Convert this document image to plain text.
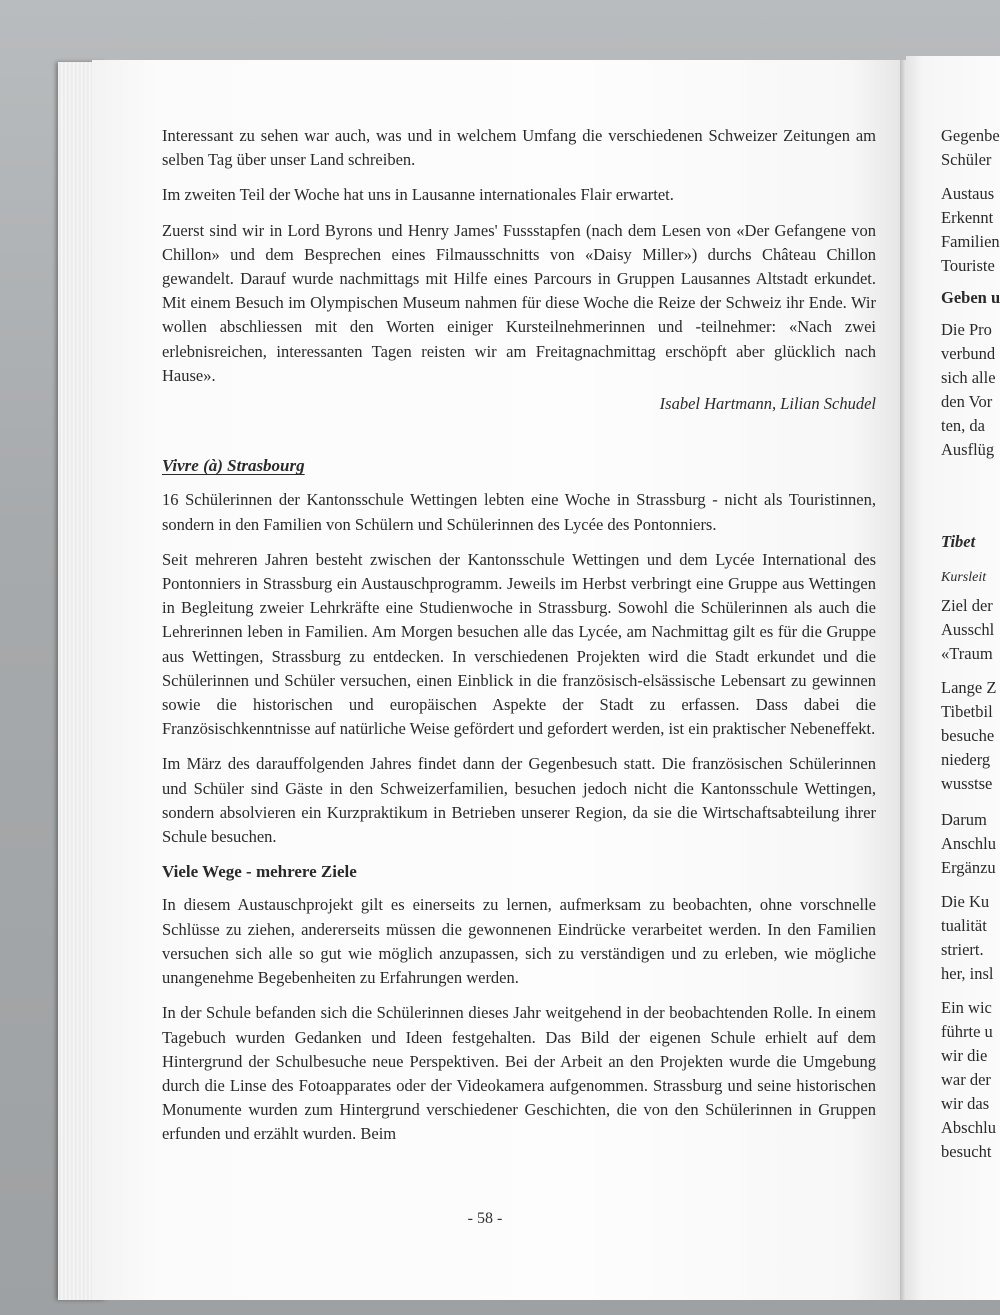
Interessant zu sehen war auch, was und in welchem Umfang die verschiedenen Schweizer Zeitungen am selben Tag über unser Land schreiben.

Im zweiten Teil der Woche hat uns in Lausanne internationales Flair erwartet.

Zuerst sind wir in Lord Byrons und Henry James' Fussstapfen (nach dem Lesen von «Der Gefangene von Chillon» und dem Besprechen eines Filmausschnitts von «Daisy Miller») durchs Château Chillon gewandelt. Darauf wurde nachmittags mit Hilfe eines Parcours in Gruppen Lausannes Altstadt erkundet. Mit einem Besuch im Olympischen Museum nahmen für diese Woche die Reize der Schweiz ihr Ende. Wir wollen abschliessen mit den Worten einiger Kursteilnehmerinnen und -teilnehmer: «Nach zwei erlebnisreichen, interessanten Tagen reisten wir am Freitagnachmittag erschöpft aber glücklich nach Hause».

Isabel Hartmann, Lilian Schudel

Vivre (à) Strasbourg

16 Schülerinnen der Kantonsschule Wettingen lebten eine Woche in Strassburg - nicht als Touristinnen, sondern in den Familien von Schülern und Schülerinnen des Lycée des Pontonniers.

Seit mehreren Jahren besteht zwischen der Kantonsschule Wettingen und dem Lycée International des Pontonniers in Strassburg ein Austauschprogramm. Jeweils im Herbst verbringt eine Gruppe aus Wettingen in Begleitung zweier Lehrkräfte eine Studienwoche in Strassburg. Sowohl die Schülerinnen als auch die Lehrerinnen leben in Familien. Am Morgen besuchen alle das Lycée, am Nachmittag gilt es für die Gruppe aus Wettingen, Strassburg zu entdecken. In verschiedenen Projekten wird die Stadt erkundet und die Schülerinnen und Schüler versuchen, einen Einblick in die französisch-elsässische Lebensart zu gewinnen sowie die historischen und europäischen Aspekte der Stadt zu erfassen. Dass dabei die Französischkenntnisse auf natürliche Weise gefördert und gefordert werden, ist ein praktischer Nebeneffekt.

Im März des darauffolgenden Jahres findet dann der Gegenbesuch statt. Die französischen Schülerinnen und Schüler sind Gäste in den Schweizerfamilien, besuchen jedoch nicht die Kantonsschule Wettingen, sondern absolvieren ein Kurzpraktikum in Betrieben unserer Region, da sie die Wirtschaftsabteilung ihrer Schule besuchen.

Viele Wege - mehrere Ziele

In diesem Austauschprojekt gilt es einerseits zu lernen, aufmerksam zu beobachten, ohne vorschnelle Schlüsse zu ziehen, andererseits müssen die gewonnenen Eindrücke verarbeitet werden. In den Familien versuchen sich alle so gut wie möglich anzupassen, sich zu verständigen und zu erleben, wie mögliche unangenehme Begebenheiten zu Erfahrungen werden.

In der Schule befanden sich die Schülerinnen dieses Jahr weitgehend in der beobachtenden Rolle. In einem Tagebuch wurden Gedanken und Ideen festgehalten. Das Bild der eigenen Schule erhielt auf dem Hintergrund der Schulbesuche neue Perspektiven. Bei der Arbeit an den Projekten wurde die Umgebung durch die Linse des Fotoapparates oder der Videokamera aufgenommen. Strassburg und seine historischen Monumente wurden zum Hintergrund verschiedener Geschichten, die von den Schülerinnen in Gruppen erfunden und erzählt wurden. Beim

- 58 -
Gegenbe
Schüler
Austaus
Erkennt
Familien
Touriste
Geben u
Die Pro
verbund
sich alle
den Vor
ten, da
Ausflüg
Tibet
Kursleit
Ziel der
Ausschl
«Traum
Lange Z
Tibetbil
besuche
niederg
wusstse
Darum
Anschlu
Ergänzu
Die Ku
tualität
striert.
her, insl
Ein wic
führte u
wir die
war der
wir das
Abschlu
besucht
